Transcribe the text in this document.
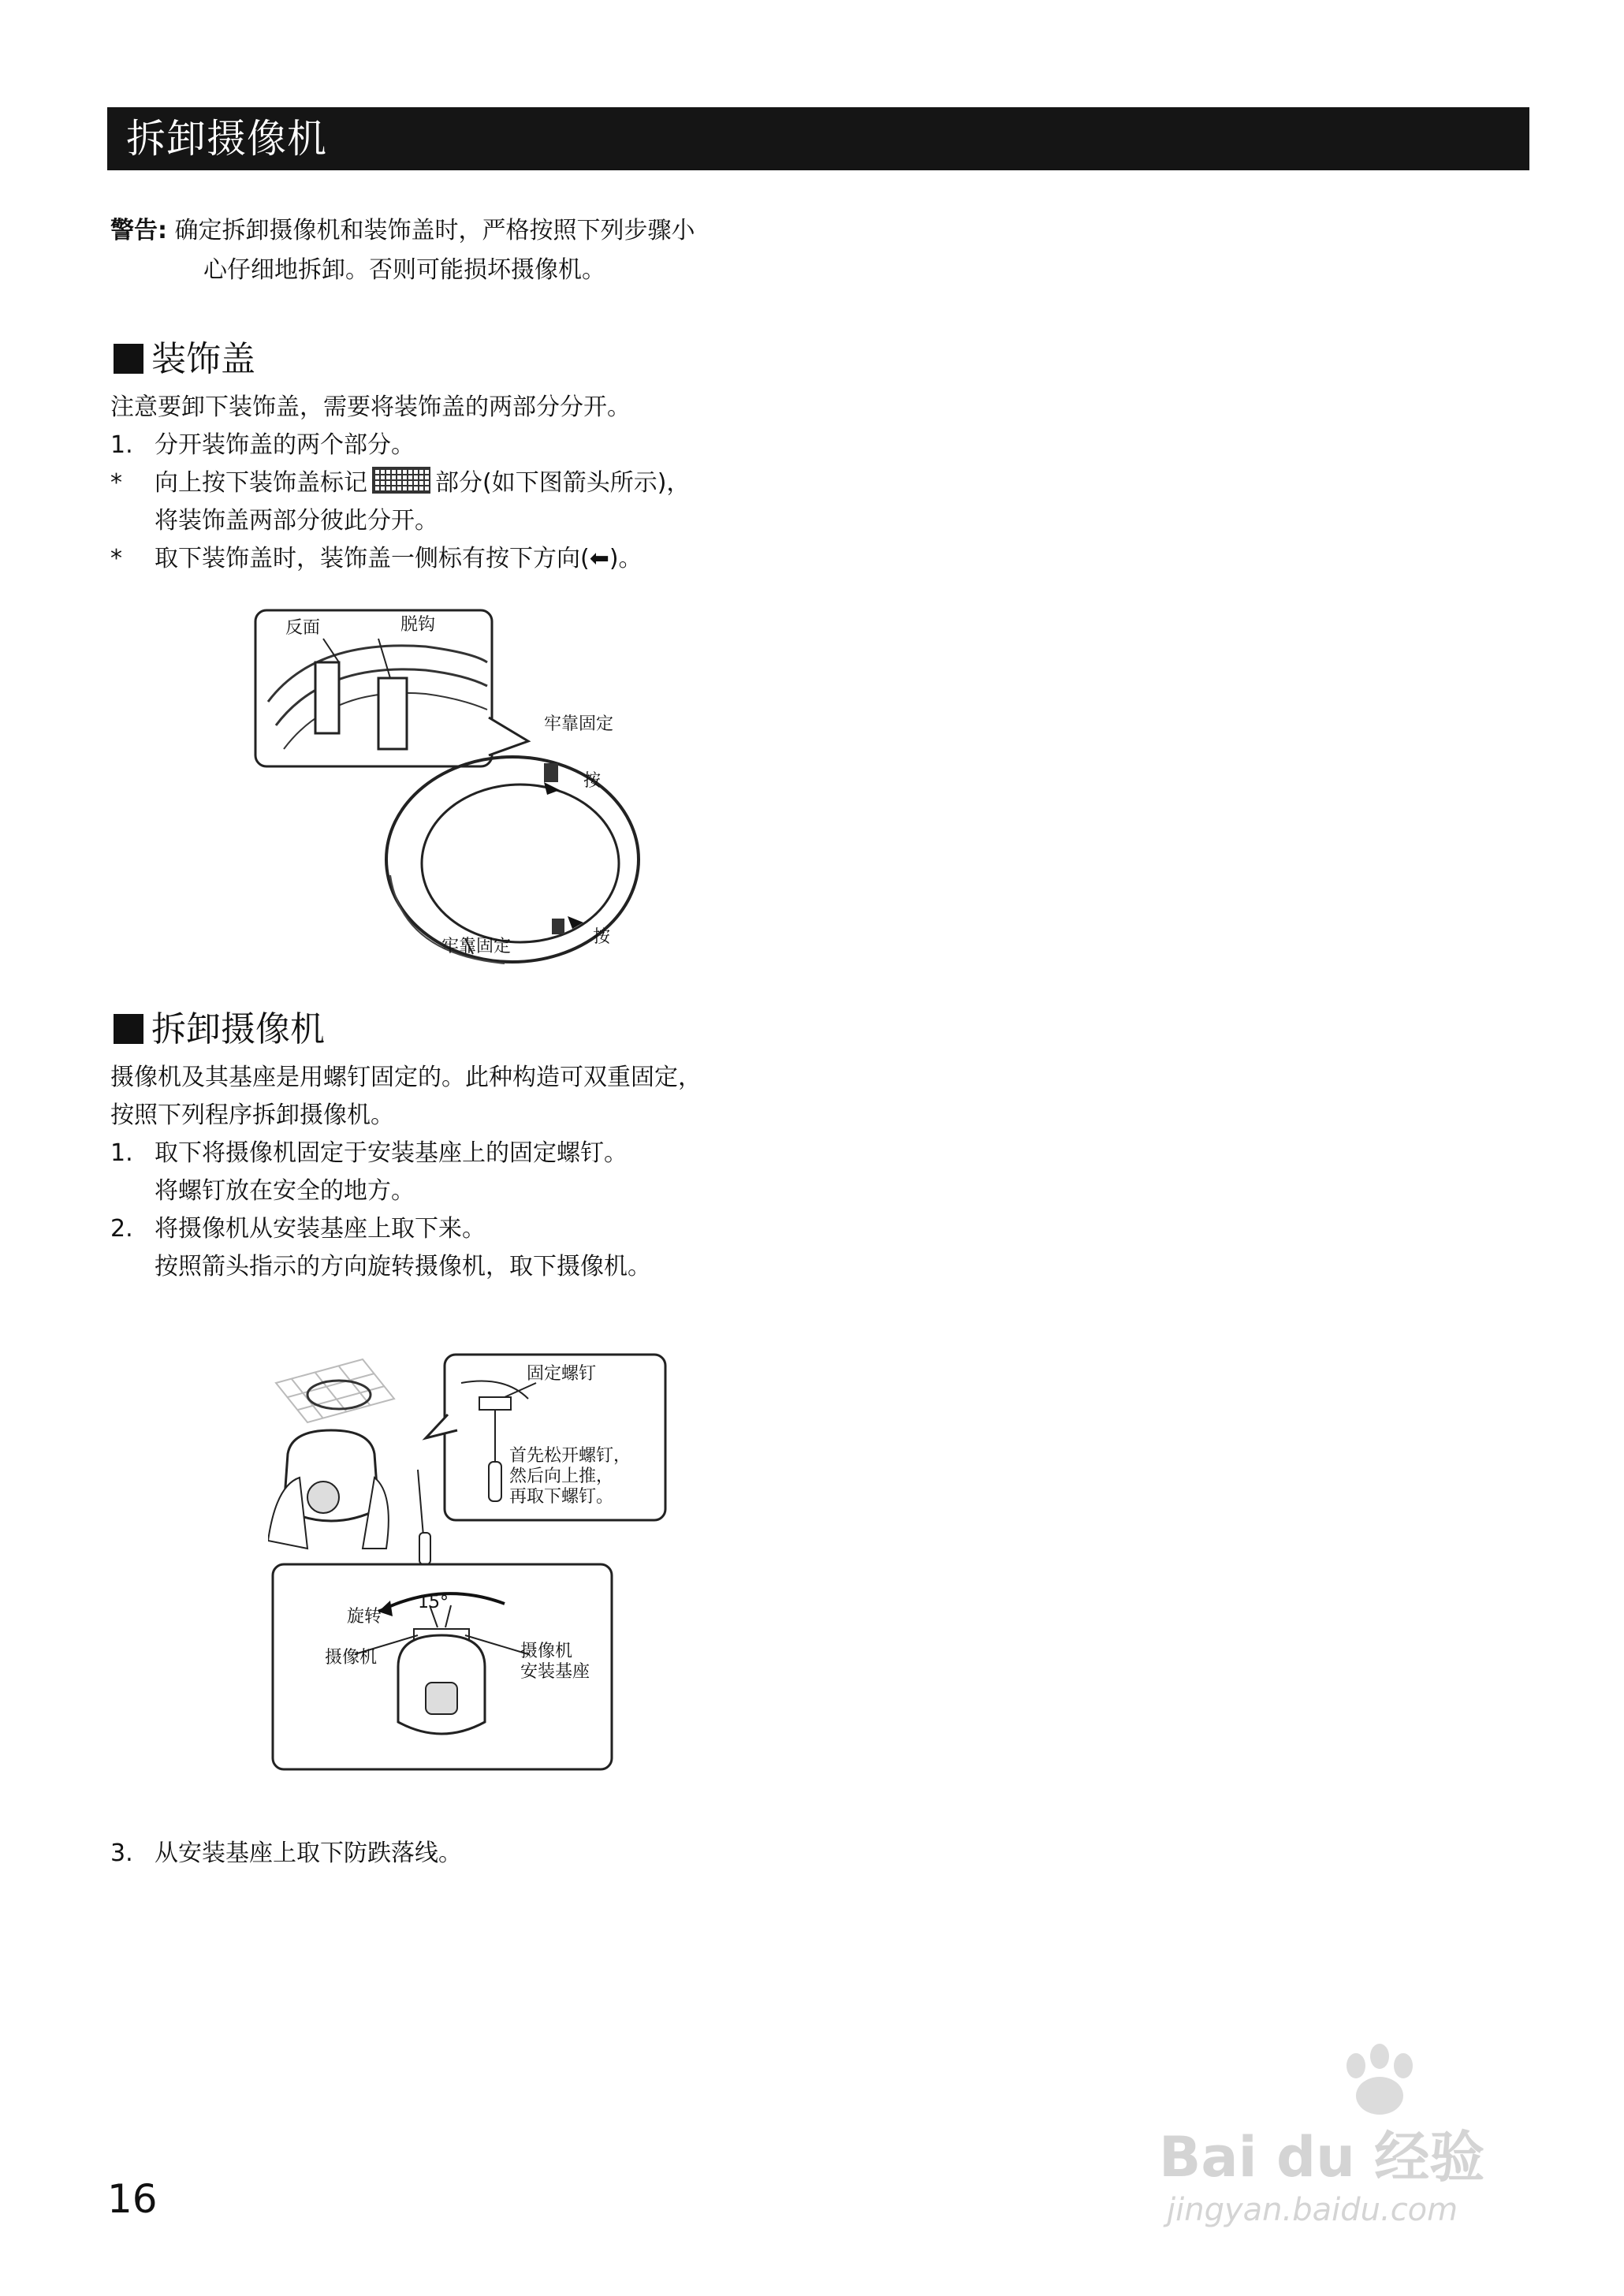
拆卸摄像机
警告: 确定拆卸摄像机和装饰盖时，严格按照下列步骤小
心仔细地拆卸。否则可能损坏摄像机。
装饰盖
注意要卸下装饰盖，需要将装饰盖的两部分分开。
1. 分开装饰盖的两个部分。
* 向上按下装饰盖标记	部分(如下图箭头所示)，
将装饰盖两部分彼此分开。
* 取下装饰盖时，装饰盖一侧标有按下方向(⬅)。
反面	脱钩
牢靠固定
按
牢靠固定	按
拆卸摄像机
摄像机及其基座是用螺钉固定的。此种构造可双重固定，
按照下列程序拆卸摄像机。
1. 取下将摄像机固定于安装基座上的固定螺钉。
将螺钉放在安全的地方。
2. 将摄像机从安装基座上取下来。
按照箭头指示的方向旋转摄像机，取下摄像机。
固定螺钉
首先松开螺钉，
然后向上推，
再取下螺钉。
旋转
15°
摄像机	摄像机
安装基座
3. 从安装基座上取下防跌落线。
16
Bai du 经验
jingyan.baidu.com
